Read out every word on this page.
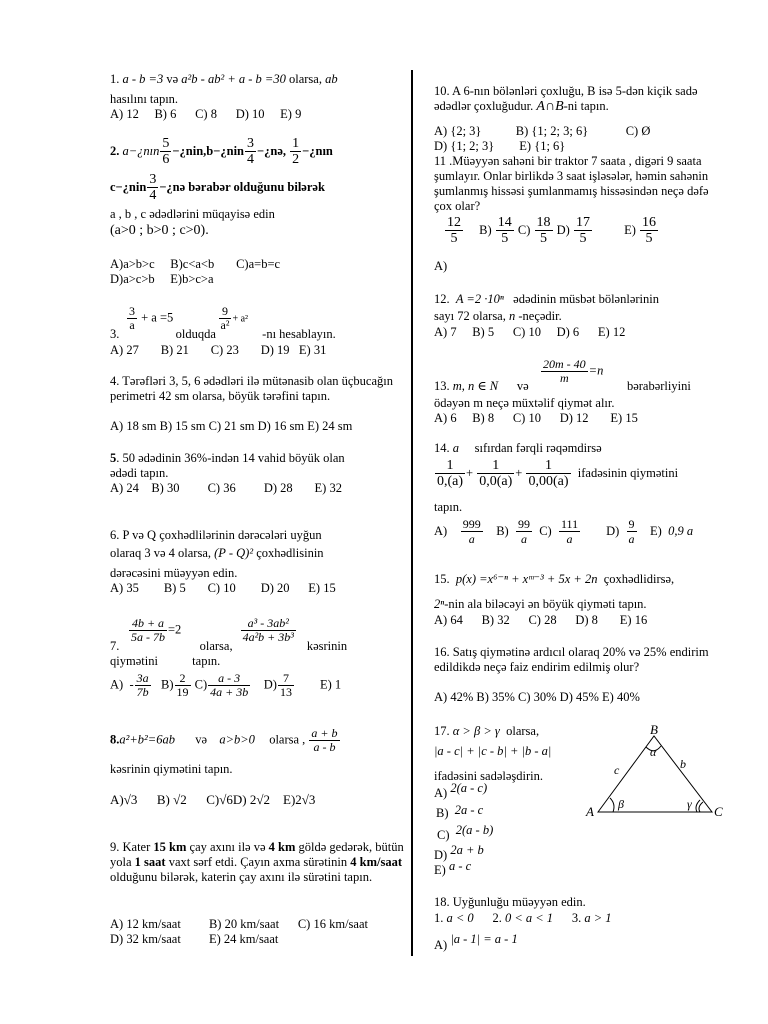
1. a - b =3 və a²b - ab² + a - b =30 olarsa, ab
hasılını tapın.
A) 12 B) 6 C) 8 D) 10 E) 9
2. a−¿nın $\frac{5}{6}$ −¿nin,b−¿nin $\frac{3}{4}$ −¿nə, $\frac{1}{2}$ −¿nın
c−¿nin $\frac{3}{4}$ −¿nə bərabər olduğunu bilərək
a , b , c ədədlərini müqayisə edin
(a>0 ; b>0 ; c>0).
A)a>b>c B)c<a<b C)a=b=c
D)a>c>b E)b>c>a
$\frac{3}{a} + a =5$	$\frac{9}{\text{a²}} + a^2$
3.	olduqda	-nı hesablayın.
A) 27 B) 21 C) 23 D) 19 E) 31
4. Tərəfləri 3, 5, 6 ədədləri ilə mütənasib olan üçbucağın perimetri 42 sm olarsa, böyük tərəfini tapın.
A) 18 sm B) 15 sm C) 21 sm D) 16 sm E) 24 sm
5. 50 ədədinin 36%-indən 14 vahid böyük olan ədədi tapın.
A) 24 B) 30 C) 36 D) 28 E) 32
6. P və Q çoxhədlilərinin dərəcələri uyğun
olaraq 3 və 4 olarsa, (P - Q)² çoxhədlisinin
dərəcəsini müəyyən edin.
A) 35 B) 5 C) 10 D) 20 E) 15
$\frac{4b + a}{5a - 7b} =2$	$\frac{\text{a³ - 3ab²}}{\text{4a²b + 3b³}}$
7.	olarsa,	kəsrinin
qiymətini	tapın.
$A) - \frac{3a}{7b} B) \frac{2}{19} C) \frac{a - 3}{4a + 3b} D) \frac{7}{13} E$) 1
8.a²+b²=6ab və a>b>0 olarsa , $\frac{a + b}{a - b}$
kəsrinin qiymətini tapın.
A)√3 B) √2 C)√6D) 2√2 E)2√3
9. Kater 15 km çay axını ilə və 4 km göldə gedərək, bütün yola 1 saat vaxt sərf etdi. Çayın axma sürətinin 4 km/saat olduğunu bilərək, katerin çay axını ilə sürətini tapın.
A) 12 km/saat B) 20 km/saat C) 16 km/saat
D) 32 km/saat E) 24 km/saat
10. A 6-nın bölənləri çoxluğu, B isə 5-dən kiçik sadə ədədlər çoxluğudur. A∩B-ni tapın.
A) {2; 3}	B) {1; 2; 3; 6}	C) Ø
D) {1; 2; 3} E) {1; 6}
11 .Müəyyən sahəni bir traktor 7 saata , digəri 9 saata şumlayır. Onlar birlikdə 3 saat işləsələr, həmin sahənin şumlanmış hissəsi şumlanmamış hissəsindən neçə dəfə çox olar?
$\frac{12}{5} B) \frac{14}{5} C) \frac{18}{5} D) \frac{17}{5}$	$E) \frac{16}{5}$
A)
12. A =2 ·10ⁿ ədədinin müsbət bölənlərinin
sayı 72 olarsa, n -neçədir.
A) 7 B) 5 C) 10 D) 6 E) 12
$\frac{20m - 40}{m} =n$
13. m, n ∈ N və	bərabərliyini
ödəyən m neçə müxtəlif qiymət alır.
A) 6 B) 8 C) 10 D) 12 E) 15
14. a sıfırdan fərqli rəqəmdirsə
$\frac{1}{0,(a)} + \frac{1}{0,0(a)} + \frac{1}{0,00(a)}$ ifadəsinin qiymətini
tapın.
$A) \frac{999}{a} B) \frac{99}{a} C) \frac{111}{a} D) \frac{9}{a} E$) 0,9 a
15. p(x) =x⁶⁻ⁿ + xᵐ⁻³ + 5x + 2n çoxhədlidirsə,
2ⁿ-nin ala biləcəyi ən böyük qiyməti tapın.
A) 64 B) 32 C) 28 D) 8 E) 16
16. Satış qiymətinə ardıcıl olaraq 20% və 25% endirim edildikdə neçə faiz endirim edilmiş olur?
A) 42% B) 35% C) 30% D) 45% E) 40%
17. α > β > γ olarsa,
|a - c| + |c - b| + |b - a|
ifadəsini sadələşdirin.
A) 2(a - c)
B) 2a - c
C) 2(a - b)
D) 2a + b
E) a - c
B
A	C
α
β	γ
c	b
18. Uyğunluğu müəyyən edin.
1. a < 0 2. 0 < a < 1 3. a > 1
A) |a - 1| = a - 1
